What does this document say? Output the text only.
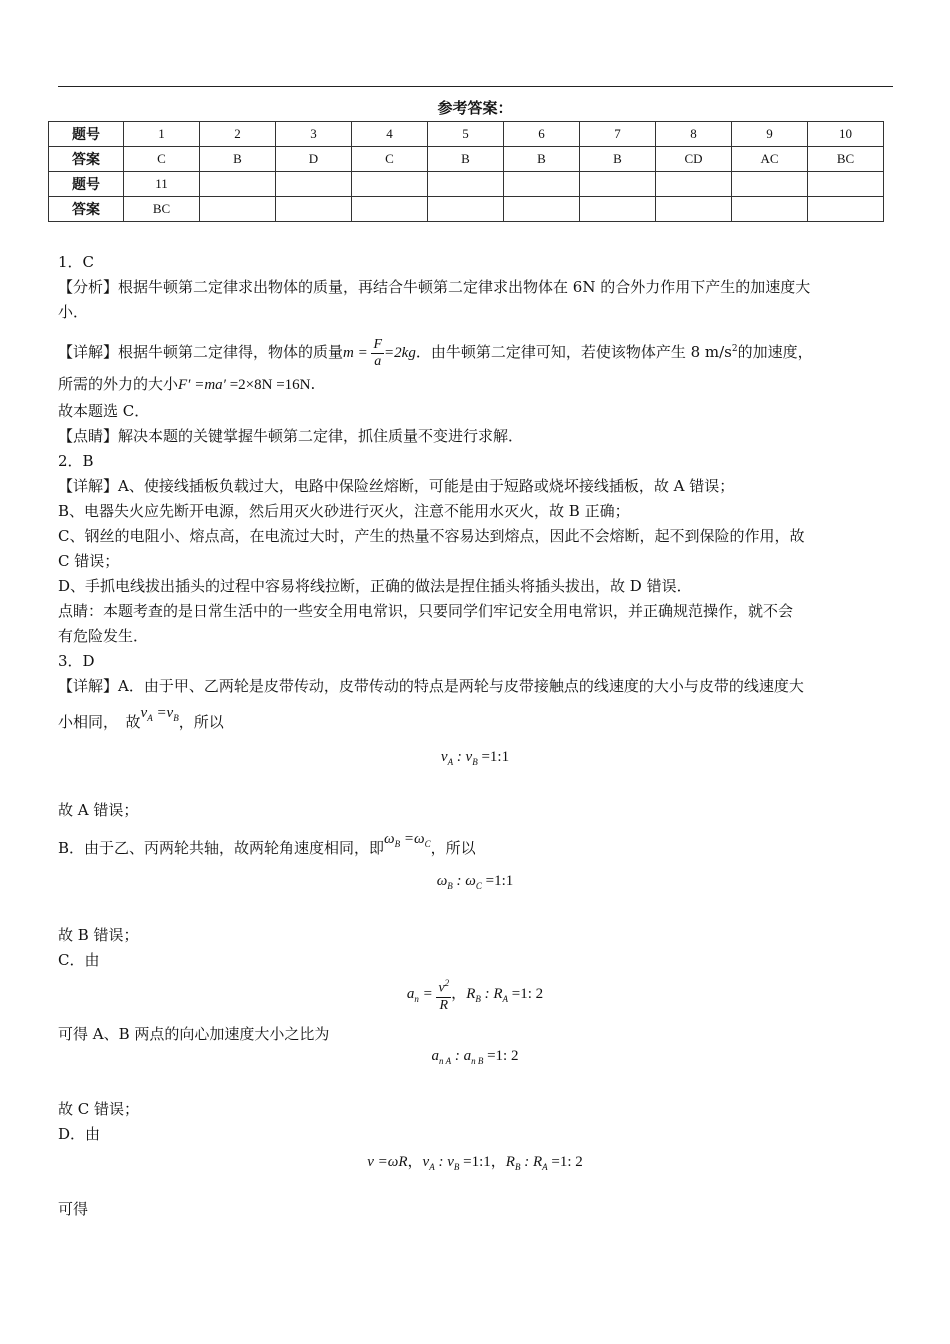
参考答案：
题号	1	2	3	4	5	6	7	8	9	10
答案	C	B	D	C	B	B	B	CD	AC	BC
题号	11									
答案	BC									
1．C
【分析】根据牛顿第二定律求出物体的质量，再结合牛顿第二定律求出物体在 6N 的合外力作用下产生的加速度大
小．
【详解】根据牛顿第二定律得，物体的质量$m = \frac{F}{a} =2kg$．由牛顿第二定律可知，若使该物体产生 8 $m/s^2$的加速度，
所需的外力的大小F′ =ma′ =2×8N =16N.
故本题选 C．
【点睛】解决本题的关键掌握牛顿第二定律，抓住质量不变进行求解．
2．B
【详解】A、使接线插板负载过大，电路中保险丝熔断，可能是由于短路或烧坏接线插板，故 A 错误；
B、电器失火应先断开电源，然后用灭火砂进行灭火，注意不能用水灭火，故 B 正确；
C、钢丝的电阻小、熔点高，在电流过大时，产生的热量不容易达到熔点，因此不会熔断，起不到保险的作用，故
C 错误；
D、手抓电线拔出插头的过程中容易将线拉断，正确的做法是捏住插头将插头拔出，故 D 错误．
点睛：本题考查的是日常生活中的一些安全用电常识，只要同学们牢记安全用电常识，并正确规范操作，就不会
有危险发生．
3．D
【详解】A．由于甲、乙两轮是皮带传动，皮带传动的特点是两轮与皮带接触点的线速度的大小与皮带的线速度大
小相同，　故$v_A =v_B$，所以
$v_A$ : $v_B$ =1:1
故 A 错误；
B．由于乙、丙两轮共轴，故两轮角速度相同，即$\omega_B =\omega_C$，所以
$\omega_B$ : $\omega_C$ =1:1
故 B 错误；
C．由
$a_n = \frac{v^2}{R}$ ，$R_B$ : $R_A =1$: 2
可得 A、B 两点的向心加速度大小之比为
$a_{n A}$ : $a_{n B} =1$: 2
故 C 错误；
D．由
v =ωR，$v_A$ : $v_B$ =1:1，$R_B$ : $R_A =1$: 2
可得
